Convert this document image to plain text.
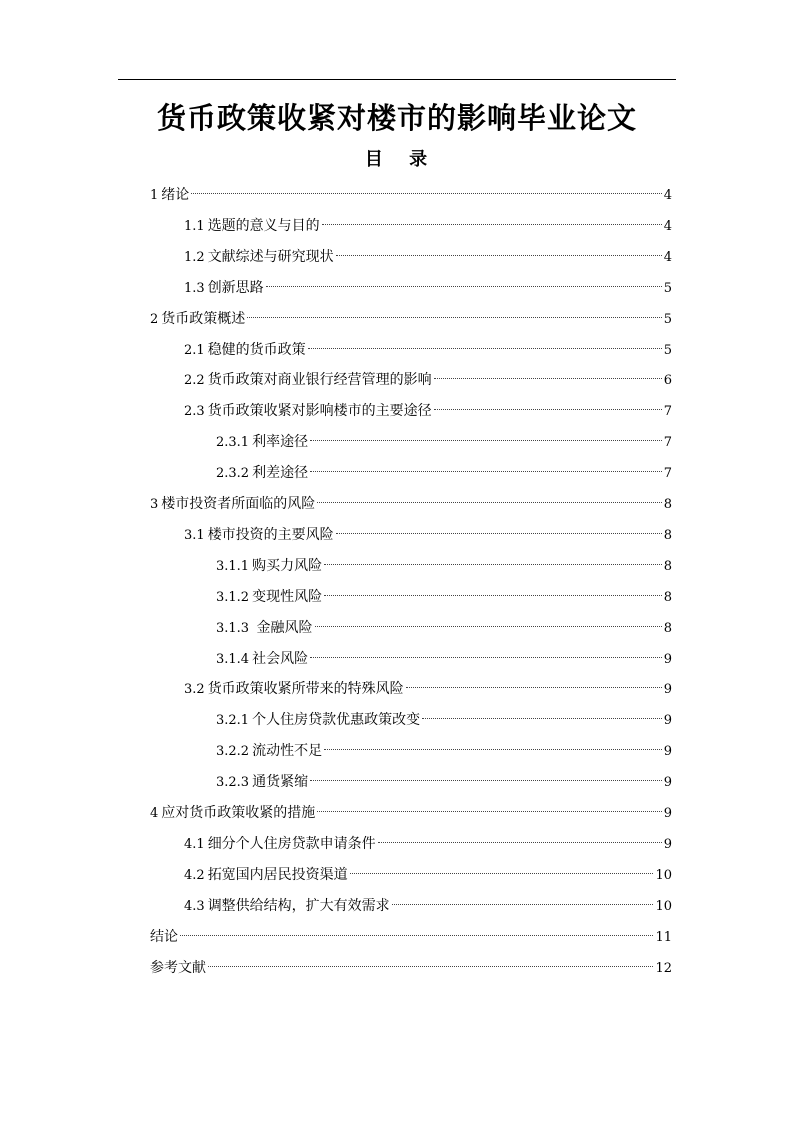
货币政策收紧对楼市的影响毕业论文
目 录
1 绪论	4
1.1 选题的意义与目的	4
1.2 文献综述与研究现状	4
1.3 创新思路	5
2 货币政策概述	5
2.1 稳健的货币政策	5
2.2 货币政策对商业银行经营管理的影响	6
2.3 货币政策收紧对影响楼市的主要途径	7
2.3.1 利率途径	7
2.3.2 利差途径	7
3 楼市投资者所面临的风险	8
3.1 楼市投资的主要风险	8
3.1.1 购买力风险	8
3.1.2 变现性风险	8
3.1.3 金融风险	8
3.1.4 社会风险	9
3.2 货币政策收紧所带来的特殊风险	9
3.2.1 个人住房贷款优惠政策改变	9
3.2.2 流动性不足	9
3.2.3 通货紧缩	9
4 应对货币政策收紧的措施	9
4.1 细分个人住房贷款申请条件	9
4.2 拓宽国内居民投资渠道	10
4.3 调整供给结构，扩大有效需求	10
结论	11
参考文献	12
